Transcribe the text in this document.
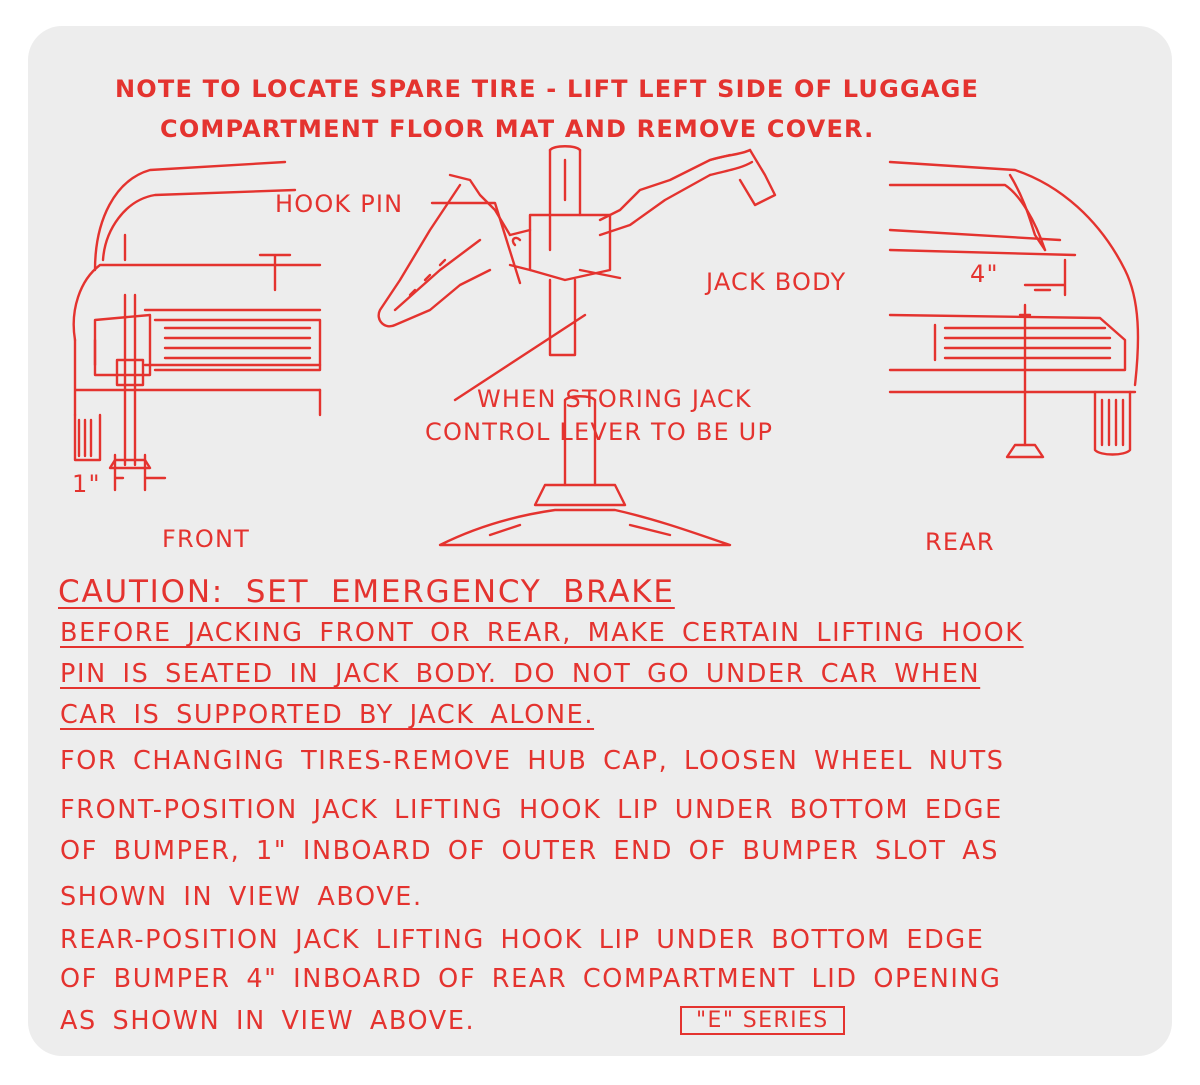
NOTE TO LOCATE SPARE TIRE - LIFT LEFT SIDE OF LUGGAGE
COMPARTMENT FLOOR MAT AND REMOVE COVER.
1"
HOOK PIN
JACK BODY
WHEN STORING JACK
CONTROL LEVER TO BE UP
4"
FRONT	REAR
CAUTION: SET EMERGENCY BRAKE
BEFORE JACKING FRONT OR REAR, MAKE CERTAIN LIFTING HOOK
PIN IS SEATED IN JACK BODY. DO NOT GO UNDER CAR WHEN
CAR IS SUPPORTED BY JACK ALONE.
FOR CHANGING TIRES-REMOVE HUB CAP, LOOSEN WHEEL NUTS
FRONT-POSITION JACK LIFTING HOOK LIP UNDER BOTTOM EDGE
OF BUMPER, 1" INBOARD OF OUTER END OF BUMPER SLOT AS
SHOWN IN VIEW ABOVE.
REAR-POSITION JACK LIFTING HOOK LIP UNDER BOTTOM EDGE
OF BUMPER 4" INBOARD OF REAR COMPARTMENT LID OPENING
AS SHOWN IN VIEW ABOVE.	"E" SERIES
